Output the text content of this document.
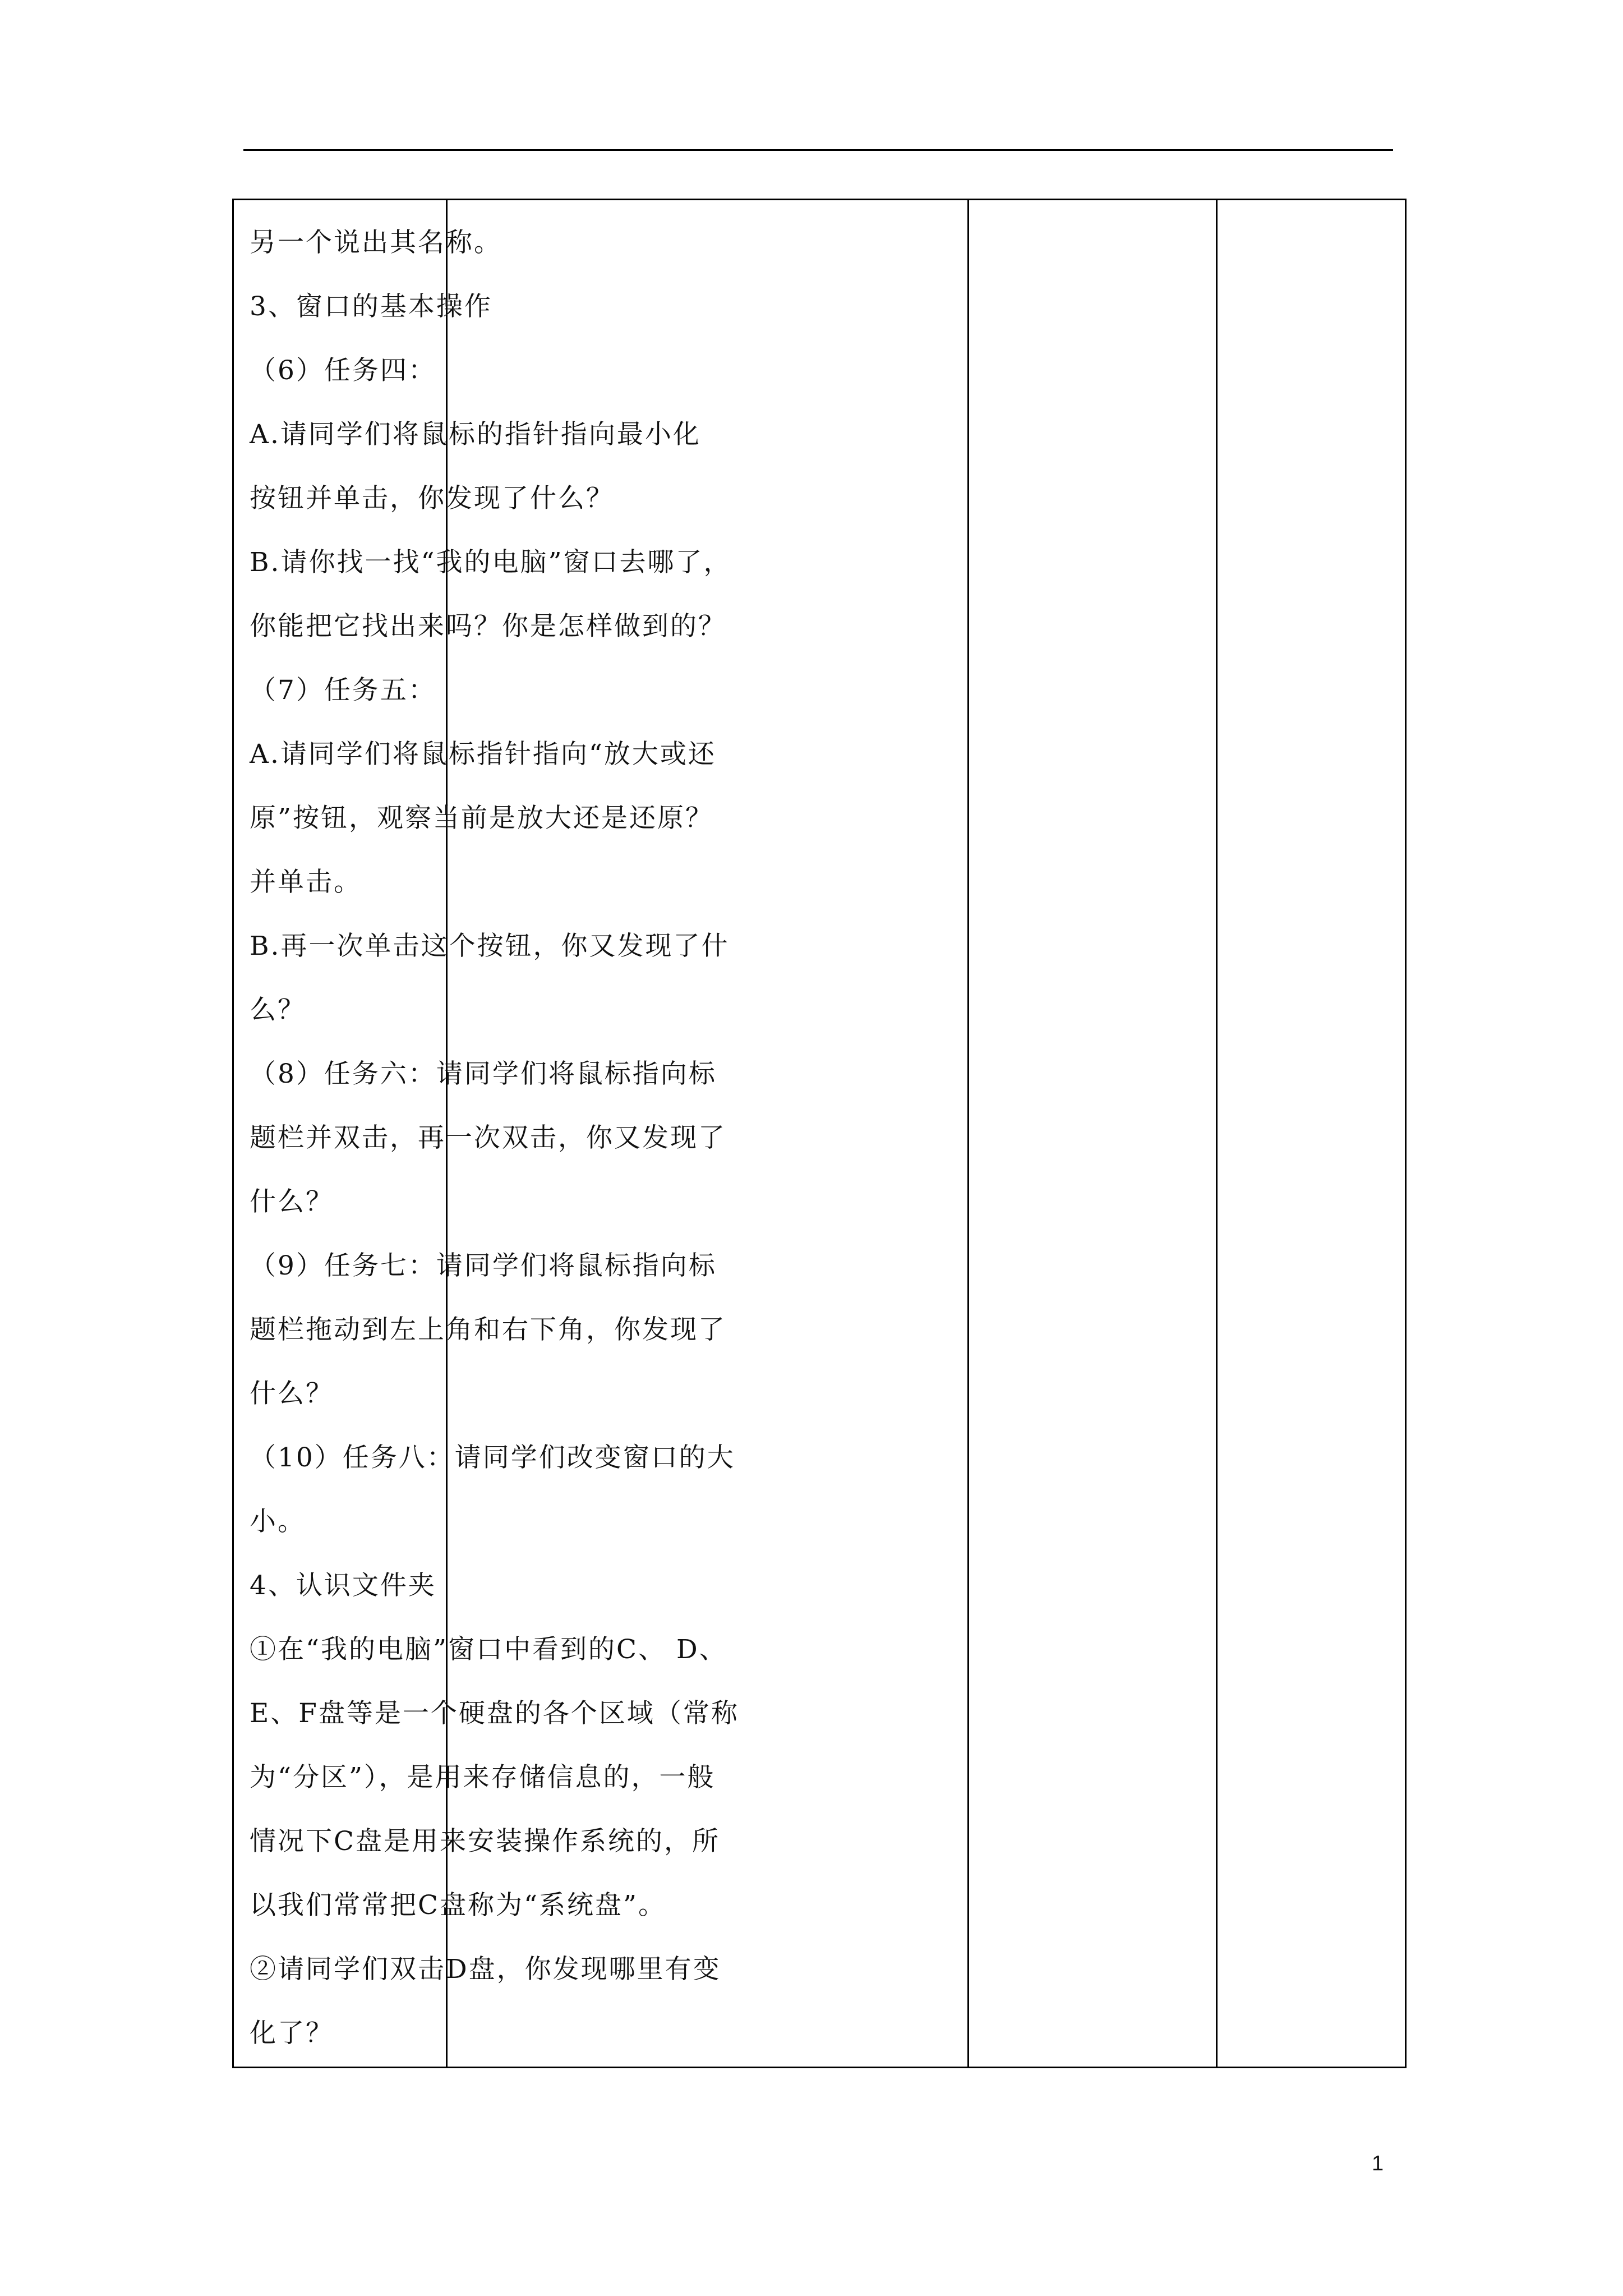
另一个说出其名称。
3、窗口的基本操作
（6）任务四：
A.请同学们将鼠标的指针指向最小化
按钮并单击，你发现了什么？
B.请你找一找“我的电脑”窗口去哪了，
你能把它找出来吗？你是怎样做到的？
（7）任务五：
A.请同学们将鼠标指针指向“放大或还
原”按钮，观察当前是放大还是还原？
并单击。
B.再一次单击这个按钮，你又发现了什
么？
（8）任务六：请同学们将鼠标指向标
题栏并双击，再一次双击，你又发现了
什么？
（9）任务七：请同学们将鼠标指向标
题栏拖动到左上角和右下角，你发现了
什么？
（10）任务八：请同学们改变窗口的大
小。
4、认识文件夹
①在“我的电脑”窗口中看到的C、 D、
E、F盘等是一个硬盘的各个区域（常称
为“分区”），是用来存储信息的，一般
情况下C盘是用来安装操作系统的，所
以我们常常把C盘称为“系统盘”。
②请同学们双击D盘，你发现哪里有变
化了？
1
